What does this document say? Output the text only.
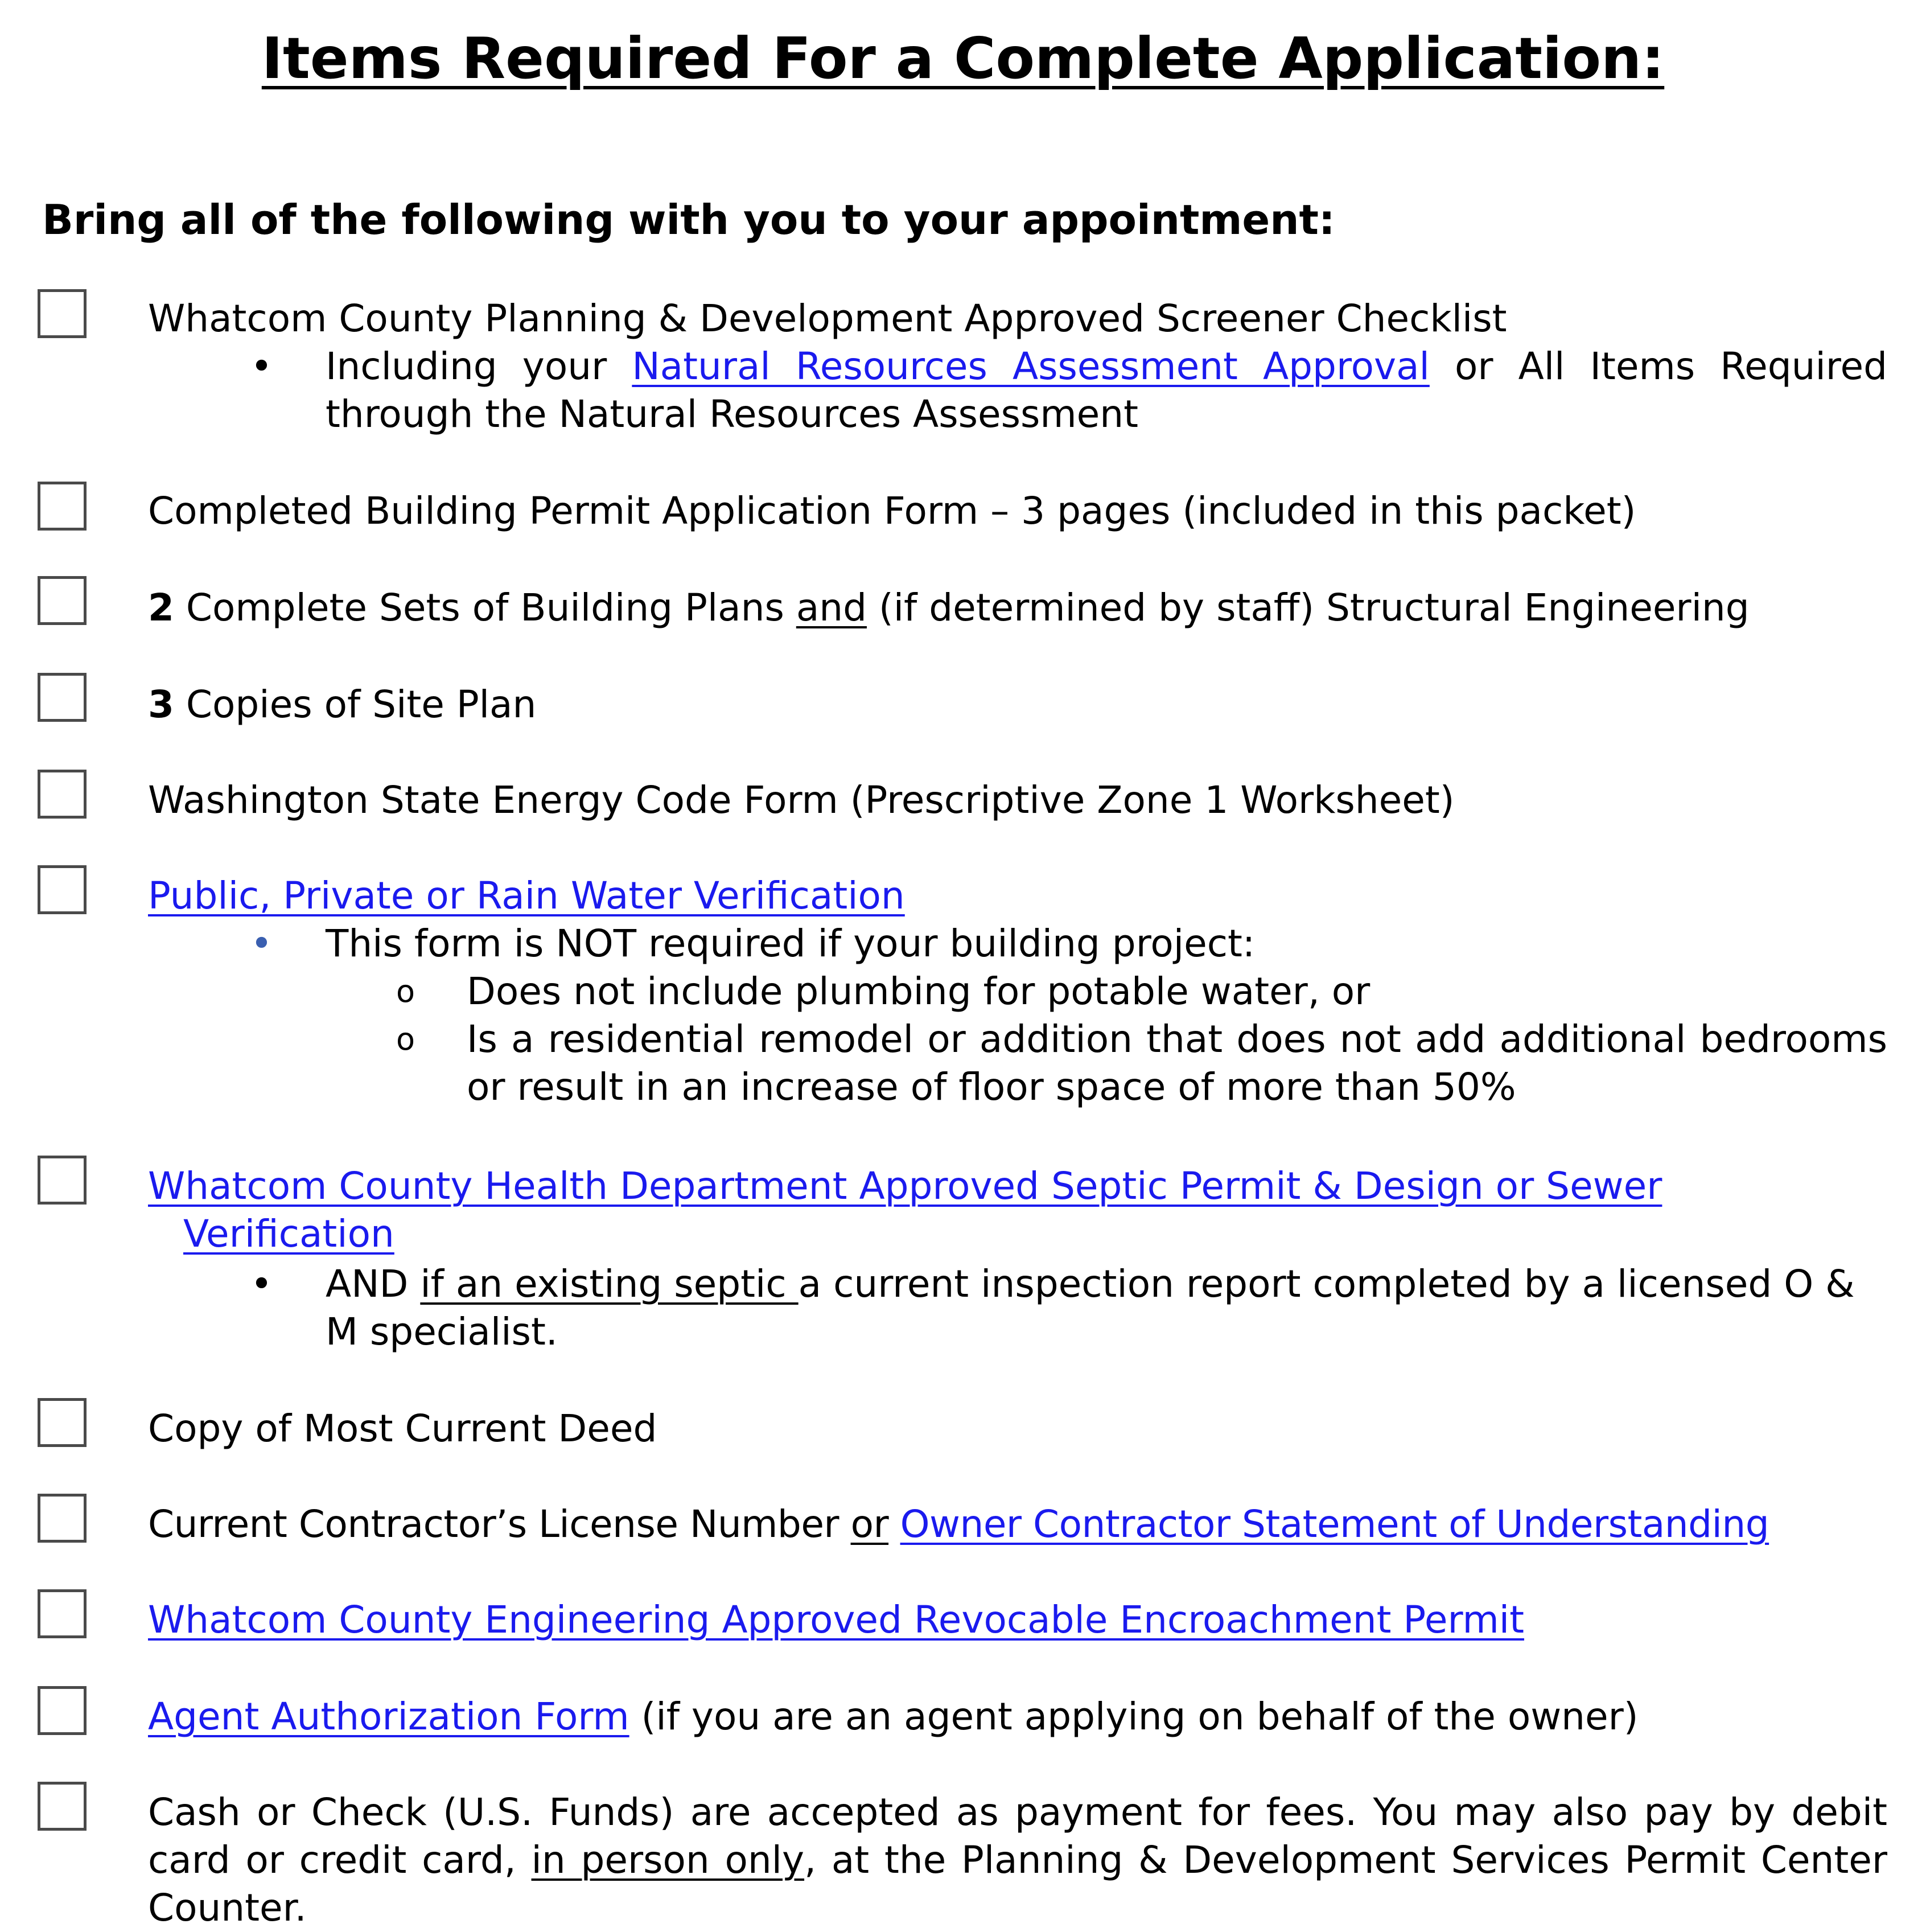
Items Required For a Complete Application:
Bring all of the following with you to your appointment:
Whatcom County Planning & Development Approved Screener Checklist
• Including your Natural Resources Assessment Approval or All Items Required through the Natural Resources Assessment
Completed Building Permit Application Form – 3 pages (included in this packet)
2 Complete Sets of Building Plans and (if determined by staff) Structural Engineering
3 Copies of Site Plan
Washington State Energy Code Form (Prescriptive Zone 1 Worksheet)
Public, Private or Rain Water Verification
• This form is NOT required if your building project:
o Does not include plumbing for potable water, or
o Is a residential remodel or addition that does not add additional bedrooms or result in an increase of floor space of more than 50%
Whatcom County Health Department Approved Septic Permit & Design or Sewer
Verification
• AND if an existing septic a current inspection report completed by a licensed O & M specialist.
Copy of Most Current Deed
Current Contractor’s License Number or Owner Contractor Statement of Understanding
Whatcom County Engineering Approved Revocable Encroachment Permit
Agent Authorization Form (if you are an agent applying on behalf of the owner)
Cash or Check (U.S. Funds) are accepted as payment for fees. You may also pay by debit card or credit card, in person only, at the Planning & Development Services Permit Center Counter.
